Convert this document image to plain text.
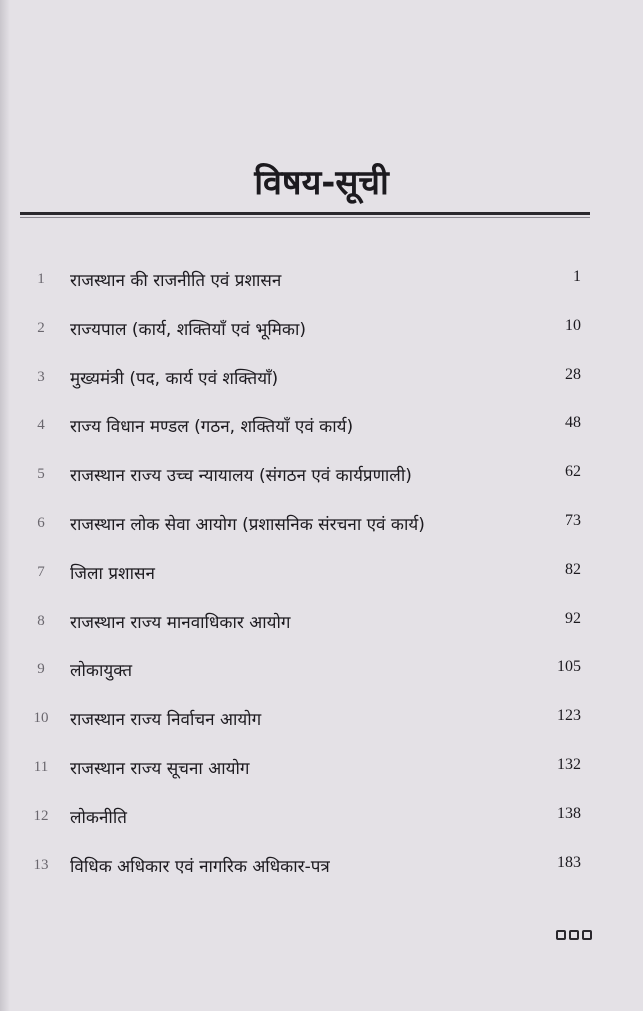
विषय-सूची
1	राजस्थान की राजनीति एवं प्रशासन	1
2	राज्यपाल (कार्य, शक्तियाँ एवं भूमिका)	10
3	मुख्यमंत्री (पद, कार्य एवं शक्तियाँ)	28
4	राज्य विधान मण्डल (गठन, शक्तियाँ एवं कार्य)	48
5	राजस्थान राज्य उच्च न्यायालय (संगठन एवं कार्यप्रणाली)	62
6	राजस्थान लोक सेवा आयोग (प्रशासनिक संरचना एवं कार्य)	73
7	जिला प्रशासन	82
8	राजस्थान राज्य मानवाधिकार आयोग	92
9	लोकायुक्त	105
10 राजस्थान राज्य निर्वाचन आयोग	123
11 राजस्थान राज्य सूचना आयोग	132
12 लोकनीति	138
13 विधिक अधिकार एवं नागरिक अधिकार-पत्र	183
